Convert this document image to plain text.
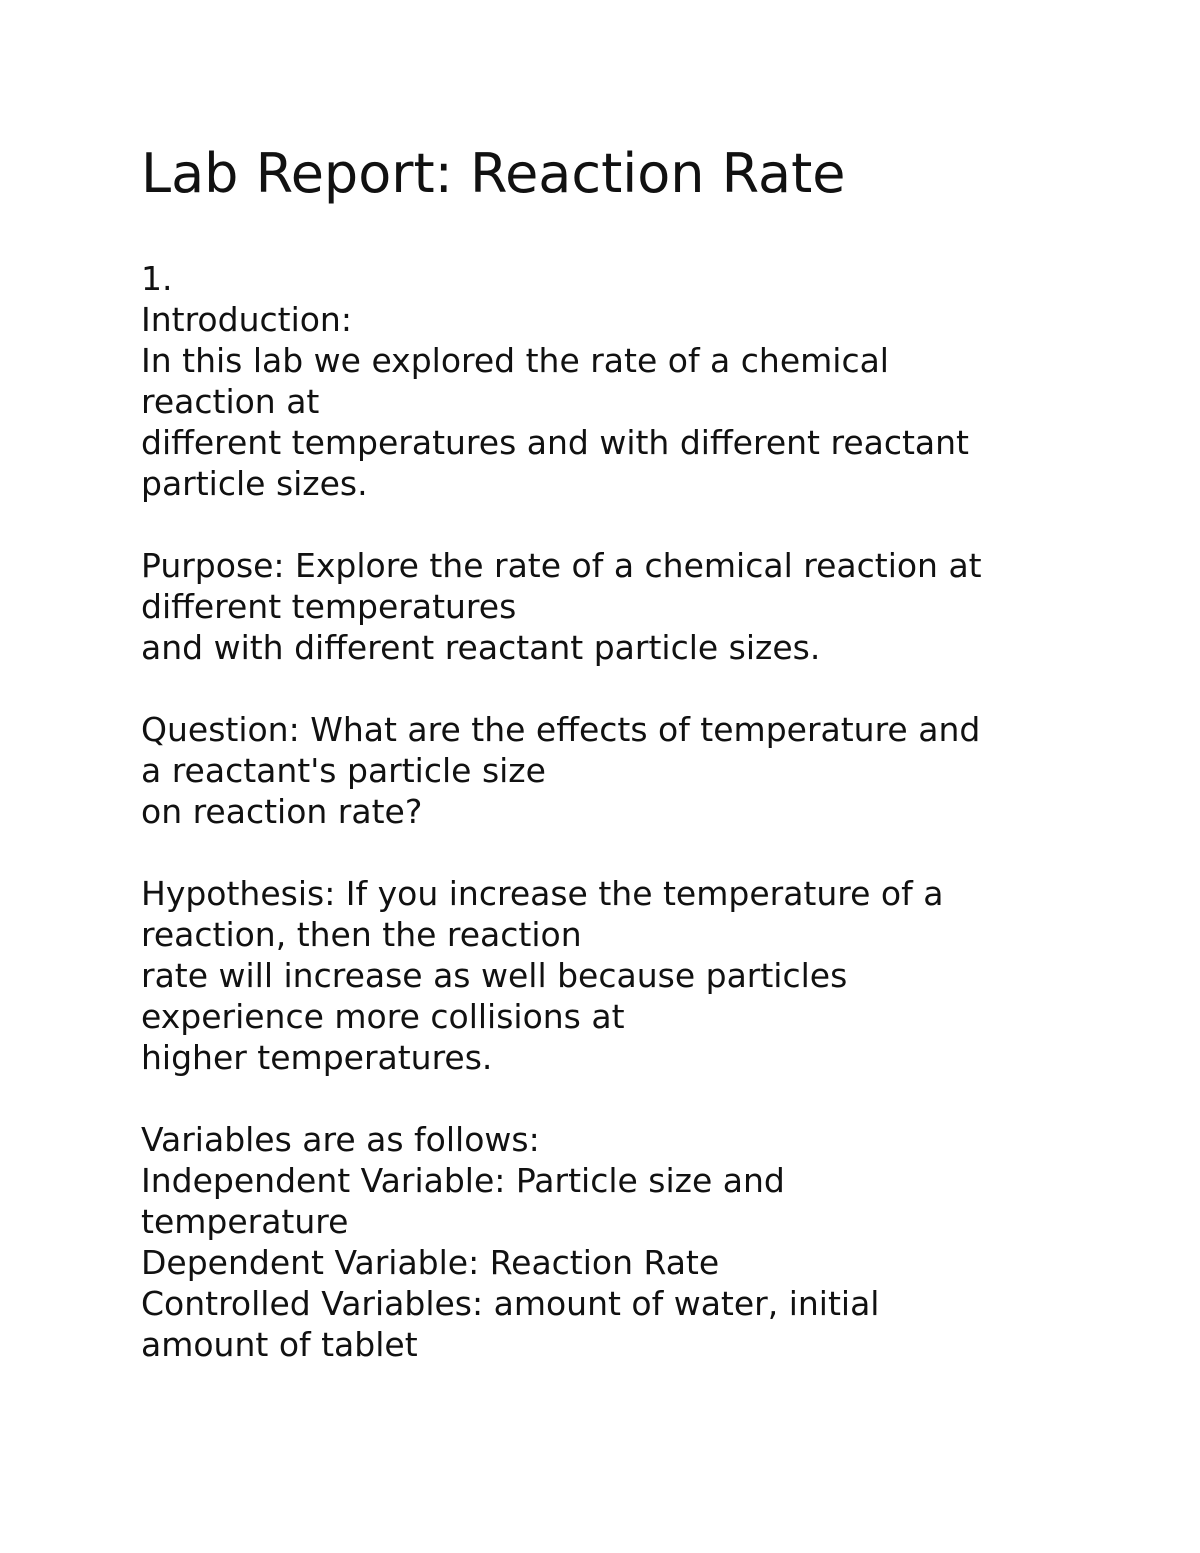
Lab Report: Reaction Rate
1.
Introduction:
In this lab we explored the rate of a chemical
reaction at
different temperatures and with different reactant
particle sizes.
Purpose: Explore the rate of a chemical reaction at
different temperatures
and with different reactant particle sizes.
Question: What are the effects of temperature and
a reactant's particle size
on reaction rate?
Hypothesis: If you increase the temperature of a
reaction, then the reaction
rate will increase as well because particles
experience more collisions at
higher temperatures.
Variables are as follows:
Independent Variable: Particle size and
temperature
Dependent Variable: Reaction Rate
Controlled Variables: amount of water, initial
amount of tablet
